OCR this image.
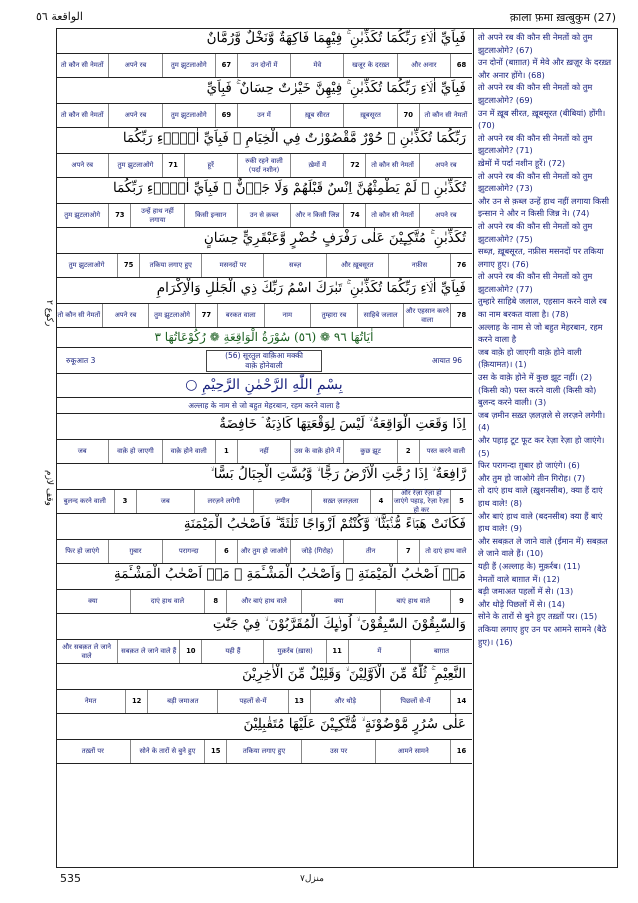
الواقعة ٥٦	क़ाला फ़मा ख़त्बुकुम (27)
رکوع ٢
وقف لازم
فَبِاَيِّ اٰلَاۤءِ رَبِّكُمَا تُكَذِّبٰنِ ۚ فِيْهِمَا فَاكِهَةٌ وَّنَخْلٌ وَّرُمَّانٌ
68
और अनार
खजूर के दरख़्त
मेवे
उन दोनों में
67
तुम झुटलाओगे
अपने रब
तो कौन सी नेमतों
فَبِاَيِّ اٰلَاۤءِ رَبِّكُمَا تُكَذِّبٰنِ ۚ فِيْهِنَّ خَيْرٰتٌ حِسَانٌ ۚ فَبِاَيِّ
तो कौन सी नेमतों
70
ख़ूबसूरत
ख़ूब सीरत
उन में
69
तुम झुटलाओगे
अपने रब
तो कौन सी नेमतों
رَبِّكُمَا تُكَذِّبٰنِ ۚ حُوْرٌ مَّقْصُوْرٰتٌ فِي الْخِيَامِ ۚ فَبِاَيِّ اٰلَاۤءِ رَبِّكُمَا
अपने रब
तो कौन सी नेमतों
72
ख़ेमों में
रुकी रहने वाली (पर्दा नशीन)
हूरें
71
तुम झुटलाओगे
अपने रब
تُكَذِّبٰنِ ۚ لَمْ يَطْمِثْهُنَّ اِنْسٌ قَبْلَهُمْ وَلَا جَاۤنٌّ ۚ فَبِاَيِّ اٰلَاۤءِ رَبِّكُمَا
अपने रब
तो कौन सी नेमतों
74
और न किसी जिन्न
उन से क़ब्ल
किसी इन्सान
उन्हें हाथ नहीं लगाया
73
तुम झुटलाओगे
تُكَذِّبٰنِ ۚ مُتَّكِـِٕيْنَ عَلٰى رَفْرَفٍ خُضْرٍ وَّعَبْقَرِيٍّ حِسَانٍ
76
नफ़ीस
और ख़ूबसूरत
सब्ज़
मसनदों पर
तकिया लगाए हुए
75
तुम झुटलाओगे
فَبِاَيِّ اٰلَاۤءِ رَبِّكُمَا تُكَذِّبٰنِ ۚ تَبٰرَكَ اسْمُ رَبِّكَ ذِي الْجَلٰلِ وَالْاِكْرَامِ
78
और एहसान करने वाला
साहिबे जलाल
तुम्हारा रब
नाम
बरकत वाला
77
तुम झुटलाओगे
अपने रब
तो कौन सी नेमतों
اٰيَاتُهَا ٩٦ ❁ (٥٦) سُوْرَةُ الْوَاقِعَةِ ❁ رُكُوْعَاتُهَا ٣
रुकूआत 3
(56) सूरतुल वाक़िआ मक्की
वाक़े होनेवाली
आयात 96
بِسْمِ اللّٰهِ الرَّحْمٰنِ الرَّحِيْمِ ○
अल्लाह के नाम से जो बहुत मेहरबान, रहम करने वाला है
اِذَا وَقَعَتِ الْوَاقِعَةُ ۙ لَيْسَ لِوَقْعَتِهَا كَاذِبَةٌ ۘ خَافِضَةٌ
पस्त करने वाली
2
कुछ झूट
उस के वाक़े होने में
नहीं
1
वाक़े होने वाली
वाक़े हो जाएगी
जब
رَّافِعَةٌ ۙ اِذَا رُجَّتِ الْاَرْضُ رَجًّا ۙ وَّبُسَّتِ الْجِبَالُ بَسًّا ۙ
5
और रेज़ा रेज़ा हो जाएंगे पहाड़, रेज़ा रेज़ा हो कर
4
सख़्त ज़लज़ला
ज़मीन
लरज़ने लगेगी
जब
3
बुलन्द करने वाली
فَكَانَتْ هَبَاۤءً مُّنْۢبَثًّا ۙ وَّكُنْتُمْ اَزْوَاجًا ثَلٰثَةً ۗ فَاَصْحٰبُ الْمَيْمَنَةِ
तो दाएं हाथ वाले
7
तीन
जोड़े (गिरोह)
और तुम हो जाओगे
6
परागन्दा
ग़ुबार
फिर हो जाएंगे
مَاۤ اَصْحٰبُ الْمَيْمَنَةِ ۗ وَاَصْحٰبُ الْمَشْـَٔمَةِ ۙ مَاۤ اَصْحٰبُ الْمَشْـَٔمَةِ
9
बाएं हाथ वाले
क्या
और बाएं हाथ वाले
8
दाएं हाथ वाले
क्या
وَالسّٰبِقُوْنَ السّٰبِقُوْنَ ۙ اُولٰۤىِٕكَ الْمُقَرَّبُوْنَ ۙ فِيْ جَنّٰتِ
बाग़ात
में
11
मुक़र्रब (ख़ास)
यही हैं
10
सबक़त ले जाने वाले हैं
और सबक़त ले जाने वाले
النَّعِيْمِ ۚ ثُلَّةٌ مِّنَ الْاَوَّلِيْنَ ۙ وَقَلِيْلٌ مِّنَ الْاٰخِرِيْنَ
14
पिछलों से-में
और थोड़े
13
पहलों से-में
बड़ी जमाअत
12
नेमत
عَلٰى سُرُرٍ مَّوْضُوْنَةٍ ۙ مُّتَّكِـِٕيْنَ عَلَيْهَا مُتَقٰبِلِيْنَ
16
आमने सामने
उस पर
तकिया लगाए हुए
15
सोने के तारों से बुने हुए
तख़्तों पर

तो अपने रब की कौन सी नेमतों को तुम झुटलाओगे? (67)

उन दोनों (बाग़ात) में मेवे और ख़ज़ूर के दरख़्त और अनार होंगे। (68)

तो अपने रब की कौन सी नेमतों को तुम झुटलाओगे? (69)

उन में ख़ूब सीरत, ख़ूबसूरत (बीबियां) होंगी। (70)

तो अपने रब की कौन सी नेमतों को तुम झुटलाओगे? (71)

ख़ेमों में पर्दा नशीन हूरें। (72)

तो अपने रब की कौन सी नेमतों को तुम झुटलाओगे? (73)

और उन से क़ब्ल उन्हें हाथ नहीं लगाया किसी इन्सान ने और न किसी जिन्न ने। (74)

तो अपने रब की कौन सी नेमतों को तुम झुटलाओगे? (75)

सब्ज़, ख़ूबसूरत, नफ़ीस मसनदों पर तकिया लगाए हुए। (76)

तो अपने रब की कौन सी नेमतों को तुम झुटलाओगे? (77)

तुम्हारे साहिबे जलाल, एहसान करने वाले रब का नाम बरकत वाला है। (78)

अल्लाह के नाम से जो बहुत मेहरबान, रहम करने वाला है

जब वाक़े हो जाएगी वाक़े होने वाली (क़ियामत)। (1)

उस के वाक़े होने में कुछ झूट नहीं। (2)

(किसी को) पस्त करने वाली (किसी को) बुलन्द करने वाली। (3)

जब ज़मीन सख़्त ज़लज़ले से लरज़ने लगेगी। (4)

और पहाड़ टूट फूट कर रेज़ा रेज़ा हो जाएंगे। (5)

फिर परागन्दा ग़ुबार हो जाएंगे। (6)

और तुम हो जाओगे तीन गिरोह। (7)

तो दाएं हाथ वाले (ख़ुशनसीब), क्या हैं दाएं हाथ वाले! (8)

और बाएं हाथ वाले (बदनसीब) क्या हैं बाएं हाथ वाले! (9)

और सबक़त ले जाने वाले (ईमान में) सबक़त ले जाने वाले हैं। (10)

यही हैं (अल्लाह के) मुक़र्रब। (11)

नेमतों वाले बाग़ात में। (12)

बड़ी जमाअत पहलों में से। (13)

और थोड़े पिछलों में से। (14)

सोने के तारों से बुने हुए तख़्तों पर। (15)

तकिया लगाए हुए उन पर आमने सामने (बैठे हुए)। (16)

535	منزل٧
